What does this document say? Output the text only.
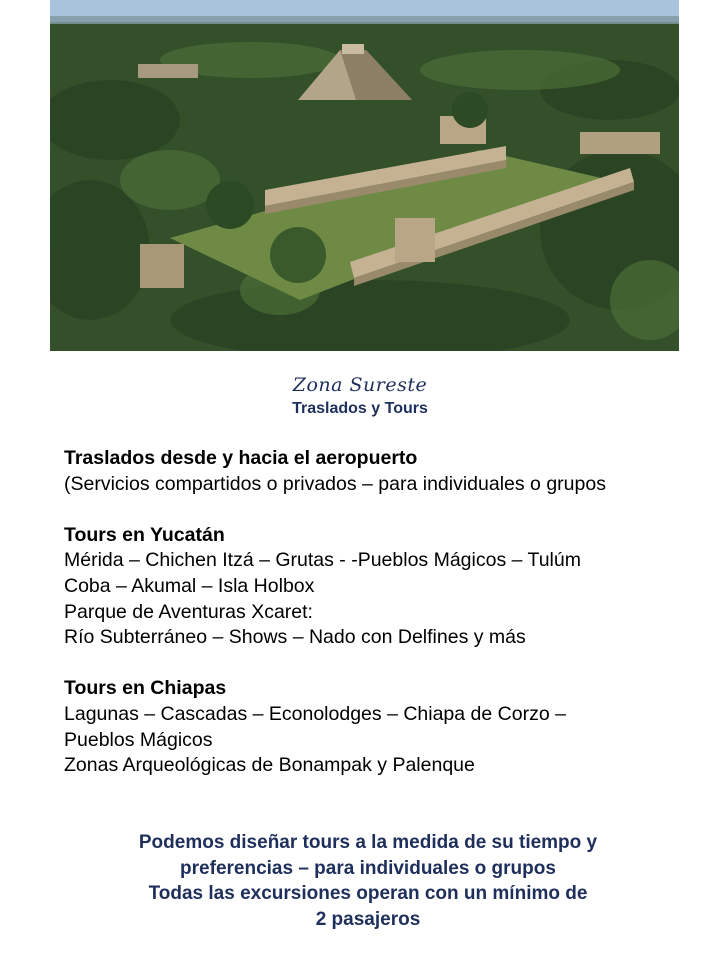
Zona Sureste
Traslados y Tours
Traslados desde y hacia el aeropuerto
(Servicios compartidos o privados – para individuales o grupos
Tours en Yucatán
Mérida – Chichen Itzá – Grutas - -Pueblos Mágicos – Tulúm
Coba – Akumal – Isla Holbox
Parque de Aventuras Xcaret:
Río Subterráneo – Shows – Nado con Delfines y más
Tours en Chiapas
Lagunas – Cascadas – Econolodges – Chiapa de Corzo –
Pueblos Mágicos
Zonas Arqueológicas de Bonampak y Palenque
Podemos diseñar tours a la medida de su tiempo y
preferencias – para individuales o grupos
Todas las excursiones operan con un mínimo de
2 pasajeros
